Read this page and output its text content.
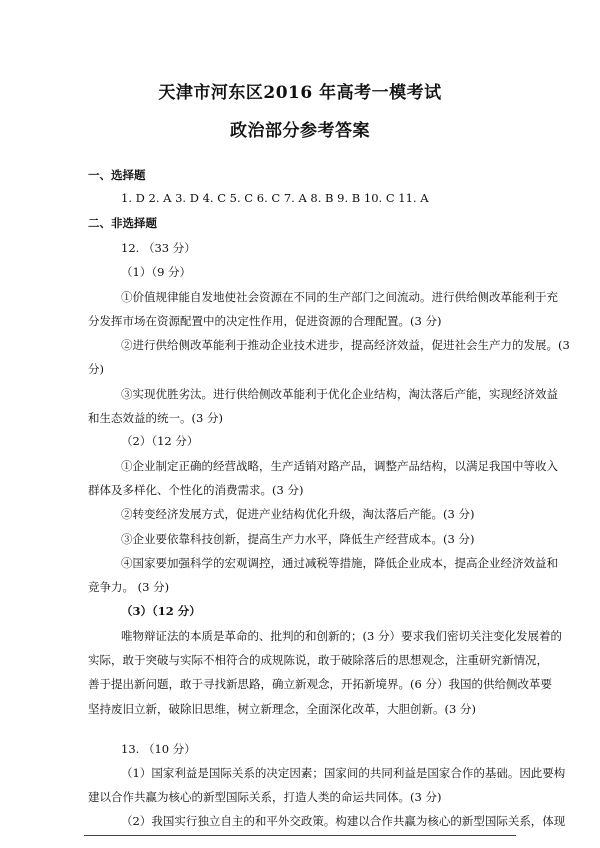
天津市河东区2016 年高考一模考试
政治部分参考答案
一、选择题
1. D 2. A 3. D 4. C 5. C 6. C 7. A 8. B 9. B 10. C 11. A
二、非选择题
12. （33 分）
（1）（9 分）
①价值规律能自发地使社会资源在不同的生产部门之间流动。进行供给侧改革能利于充
分发挥市场在资源配置中的决定性作用，促进资源的合理配置。(3 分)
②进行供给侧改革能利于推动企业技术进步，提高经济效益，促进社会生产力的发展。(3
分)
③实现优胜劣汰。进行供给侧改革能利于优化企业结构，淘汰落后产能，实现经济效益
和生态效益的统一。(3 分)
（2）（12 分）
①企业制定正确的经营战略，生产适销对路产品，调整产品结构，以满足我国中等收入
群体及多样化、个性化的消费需求。(3 分)
②转变经济发展方式，促进产业结构优化升级，淘汰落后产能。(3 分)
③企业要依靠科技创新，提高生产力水平，降低生产经营成本。(3 分)
④国家要加强科学的宏观调控，通过减税等措施，降低企业成本，提高企业经济效益和
竞争力。 (3 分)
（3）（12 分）
唯物辩证法的本质是革命的、批判的和创新的；(3 分）要求我们密切关注变化发展着的
实际，敢于突破与实际不相符合的成规陈说，敢于破除落后的思想观念，注重研究新情况，
善于提出新问题，敢于寻找新思路，确立新观念，开拓新境界。(6 分）我国的供给侧改革要
坚持废旧立新，破除旧思维，树立新理念，全面深化改革，大胆创新。(3 分)
13. （10 分）
（1）国家利益是国际关系的决定因素；国家间的共同利益是国家合作的基础。因此要构
建以合作共赢为核心的新型国际关系，打造人类的命运共同体。(3 分)
（2）我国实行独立自主的和平外交政策。构建以合作共赢为核心的新型国际关系，体现
